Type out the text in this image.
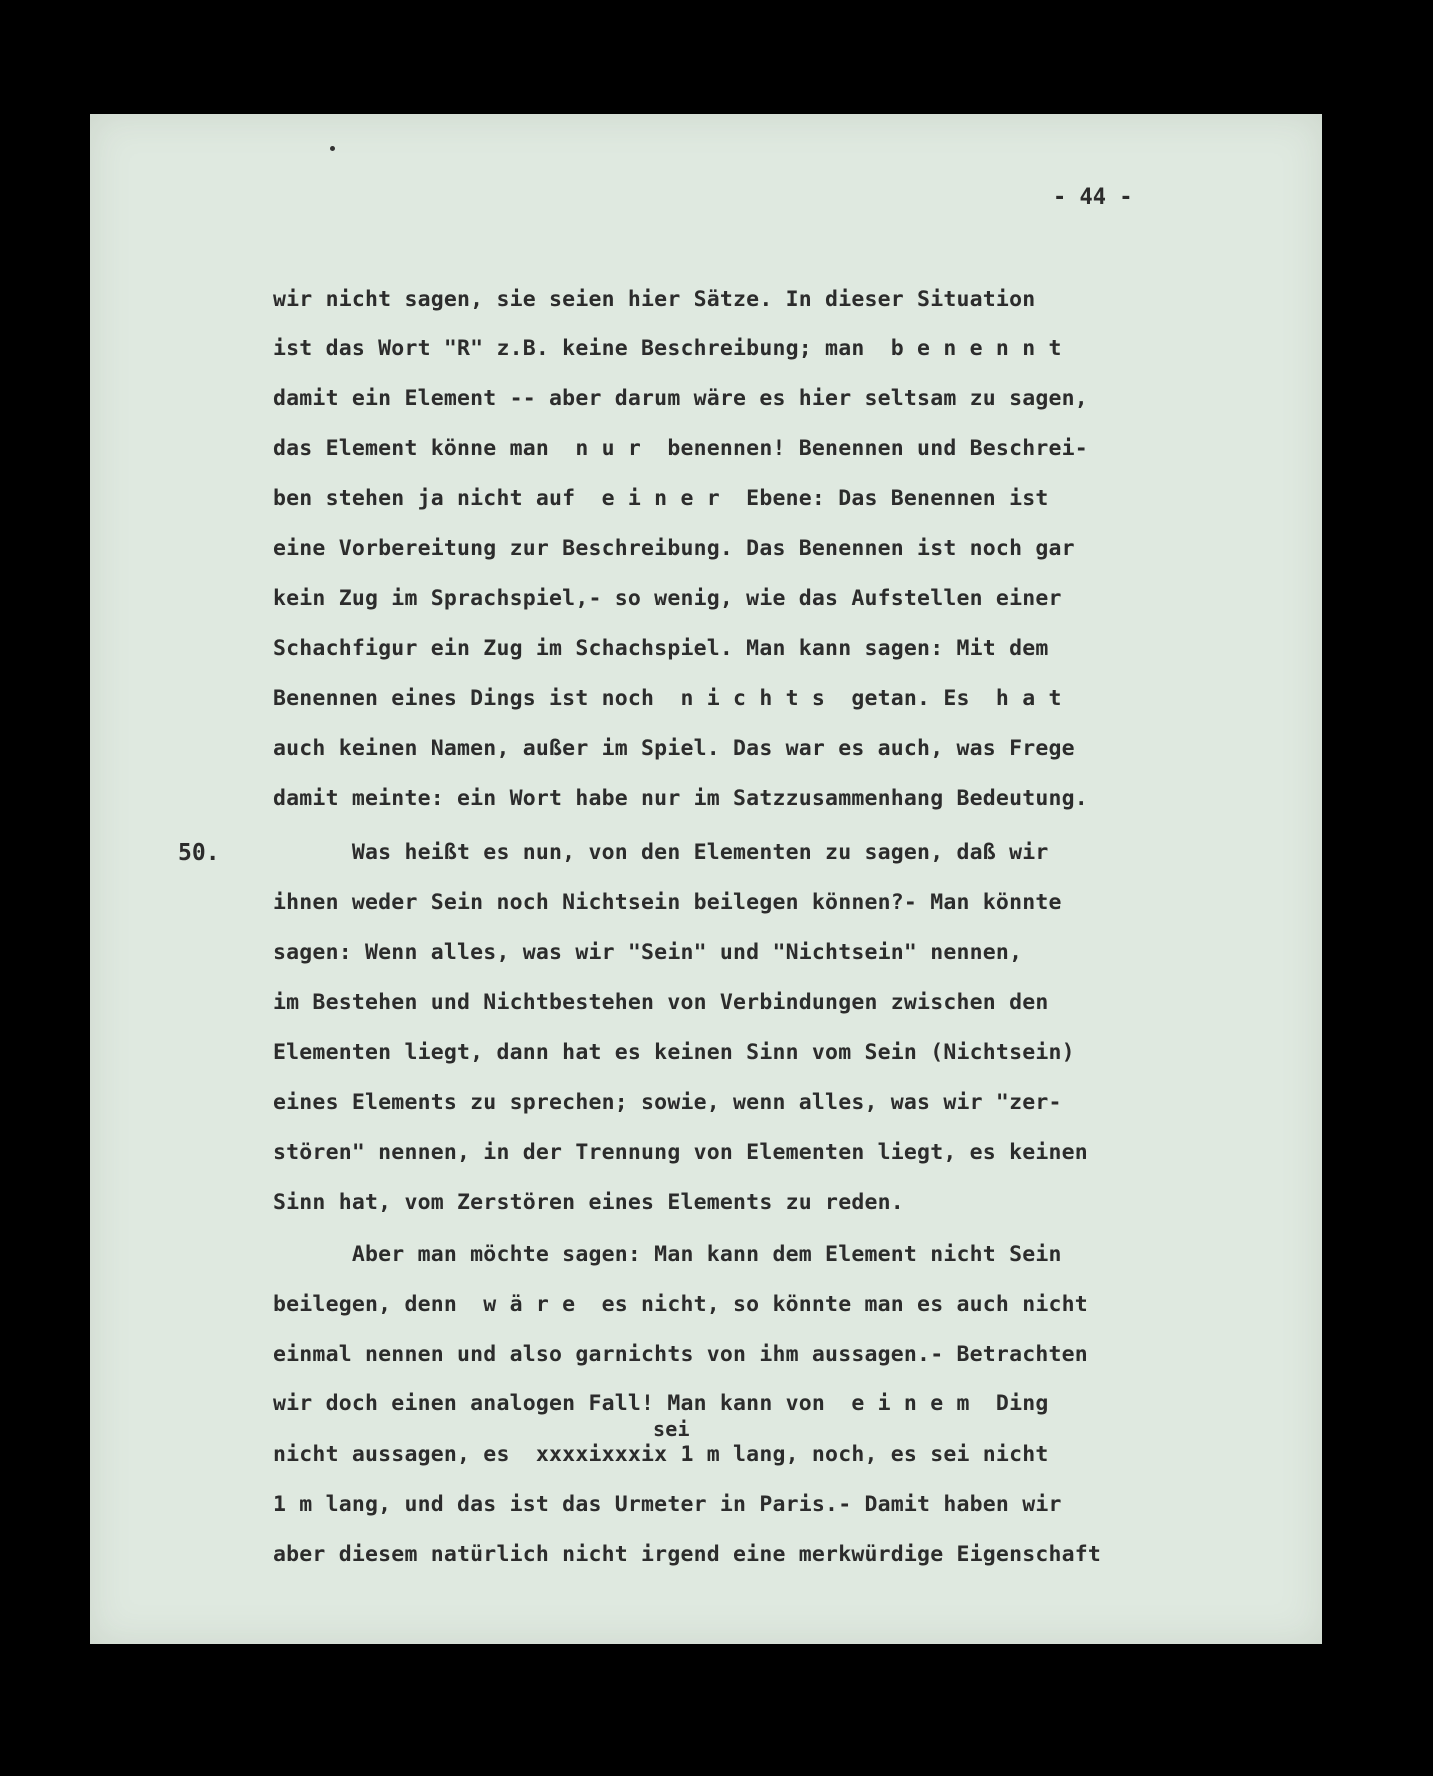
- 44 -
50.
sei
wir nicht sagen, sie seien hier Sätze. In dieser Situation
ist das Wort "R" z.B. keine Beschreibung; man  b e n e n n t
damit ein Element -- aber darum wäre es hier seltsam zu sagen,
das Element könne man  n u r  benennen! Benennen und Beschrei-
ben stehen ja nicht auf  e i n e r  Ebene: Das Benennen ist
eine Vorbereitung zur Beschreibung. Das Benennen ist noch gar
kein Zug im Sprachspiel,- so wenig, wie das Aufstellen einer
Schachfigur ein Zug im Schachspiel. Man kann sagen: Mit dem
Benennen eines Dings ist noch  n i c h t s  getan. Es  h a t
auch keinen Namen, außer im Spiel. Das war es auch, was Frege
damit meinte: ein Wort habe nur im Satzzusammenhang Bedeutung.
Was heißt es nun, von den Elementen zu sagen, daß wir
ihnen weder Sein noch Nichtsein beilegen können?- Man könnte
sagen: Wenn alles, was wir "Sein" und "Nichtsein" nennen,
im Bestehen und Nichtbestehen von Verbindungen zwischen den
Elementen liegt, dann hat es keinen Sinn vom Sein (Nichtsein)
eines Elements zu sprechen; sowie, wenn alles, was wir "zer-
stören" nennen, in der Trennung von Elementen liegt, es keinen
Sinn hat, vom Zerstören eines Elements zu reden.
Aber man möchte sagen: Man kann dem Element nicht Sein
beilegen, denn  w ä r e  es nicht, so könnte man es auch nicht
einmal nennen und also garnichts von ihm aussagen.- Betrachten
wir doch einen analogen Fall! Man kann von  e i n e m  Ding
nicht aussagen, es  xxxxixxxix 1 m lang, noch, es sei nicht
1 m lang, und das ist das Urmeter in Paris.- Damit haben wir
aber diesem natürlich nicht irgend eine merkwürdige Eigenschaft
